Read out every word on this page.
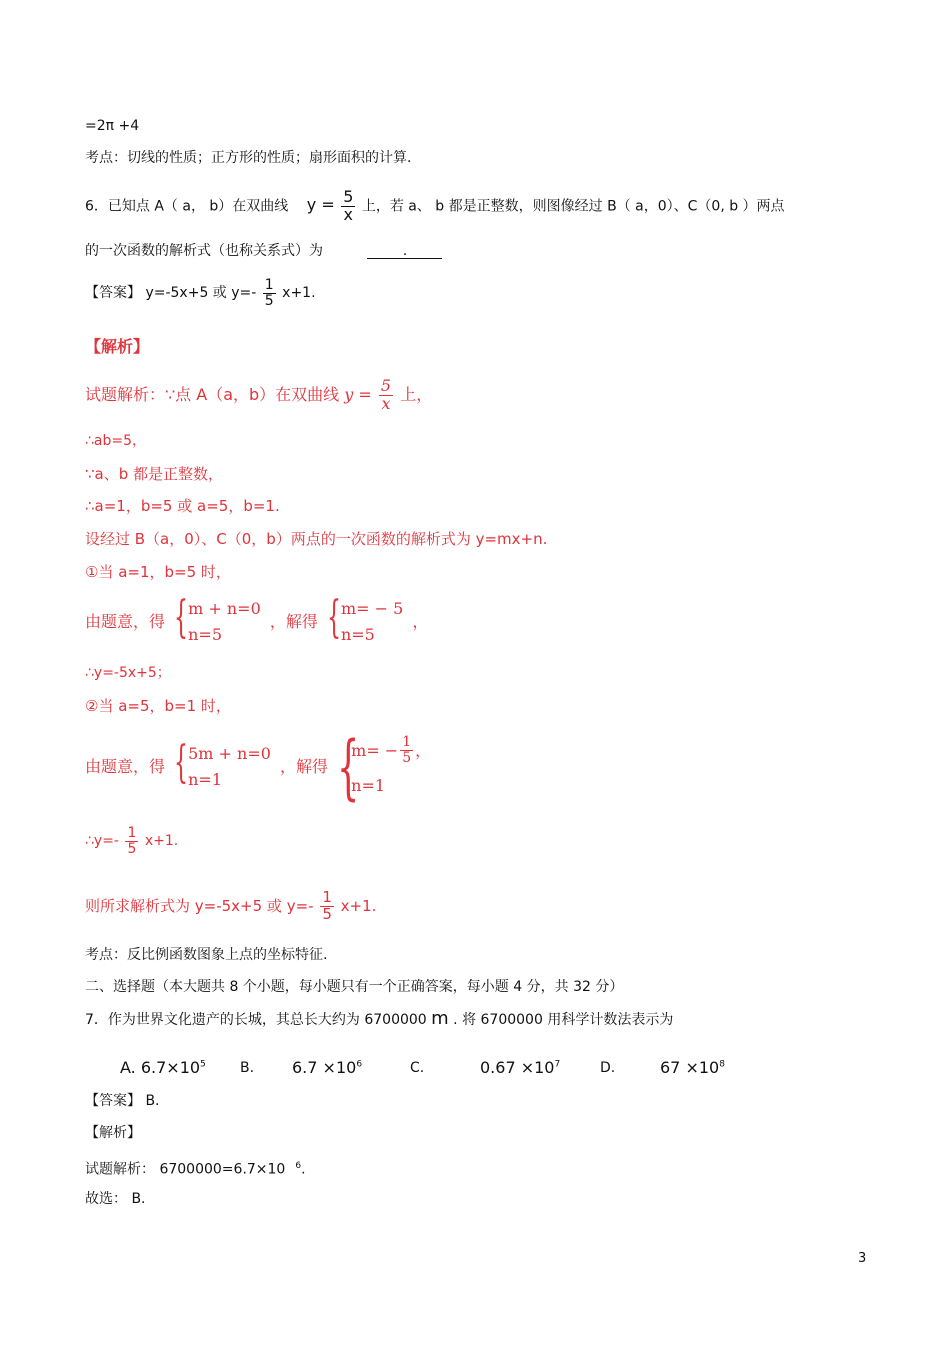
=2π +4
考点：切线的性质；正方形的性质；扇形面积的计算.
6．已知点 A（ a， b）在双曲线 $y = \frac{5}{x}$ 上，若 a、 b 都是正整数，则图像经过 B（ a，0）、C（0, b ）两点
的一次函数的解析式（也称关系式）为	.
【答案】 y=-5x+5 或 $y=- \frac{1}{5} x+1$.
【解析】
试题解析：∵点 A（a，b）在双曲线 $y = \frac{5}{x}$ 上，
∴ab=5，
∵a、b 都是正整数，
∴a=1，b=5 或 a=5，b=1.
设经过 B（a，0）、C（0，b）两点的一次函数的解析式为 y=mx+n.
①当 a=1，b=5 时，
由题意，得 { m + n=0
n=5
，解得 { m= − 5
n=5
，
∴y=-5x+5；
②当 a=5，b=1 时，
由题意，得 { 5m + n=0
n=1
，解得 {
$m= - \frac{1}{5}$ ，
n=1
∴y=- $\frac{1}{5} x+1$.
则所求解析式为 y=-5x+5 或 $y=- \frac{1}{5} x+1$.
考点：反比例函数图象上点的坐标特征.
二、选择题（本大题共 8 个小题，每小题只有一个正确答案，每小题 4 分，共 32 分）
7．作为世界文化遗产的长城，其总长大约为 6700000 m . 将 6700000 用科学计数法表示为
A. $6.7\times 10^5$ B. $6.7 \times 10^6$	C.	$0.67 \times 10^7$	D.	$67 \times 10^8$
【答案】 B.
【解析】
试题解析： 6700000=6.7×10 $^6$.
故选： B.
3
